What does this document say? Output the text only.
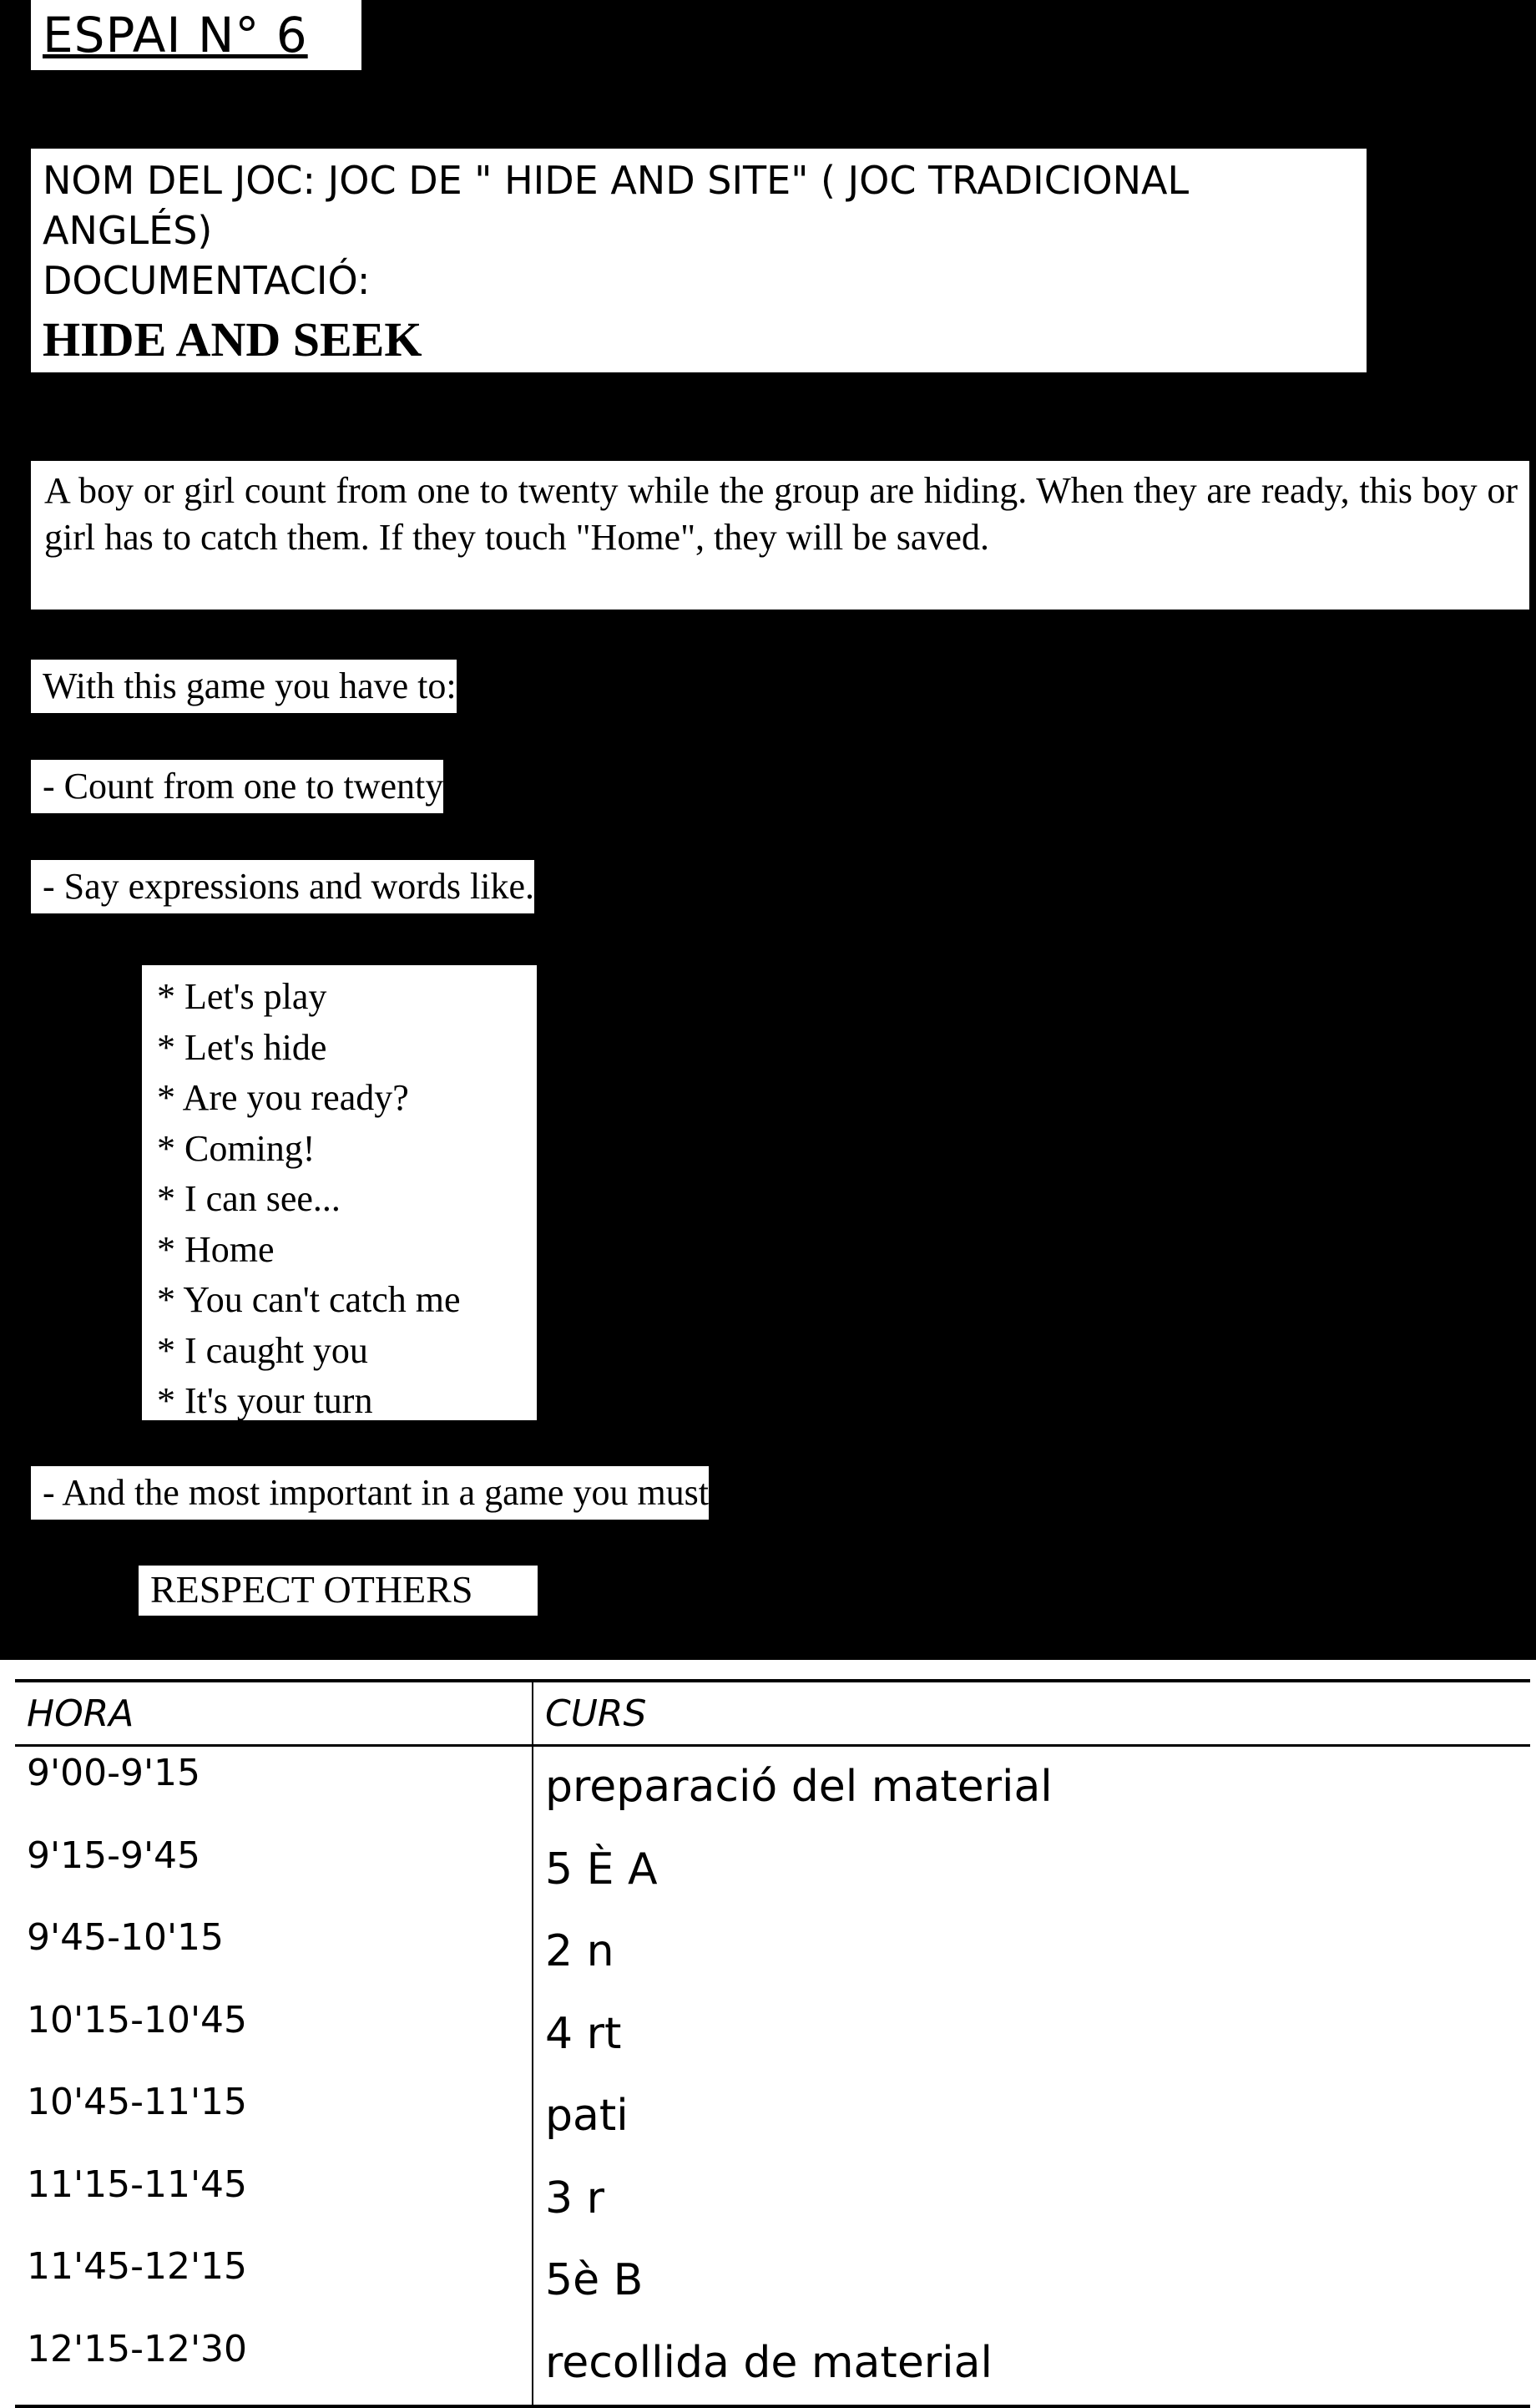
ESPAI N° 6
NOM DEL JOC: JOC DE " HIDE AND SITE" ( JOC TRADICIONAL
ANGLÉS)
DOCUMENTACIÓ:
HIDE AND SEEK
A boy or girl count from one to twenty while the group are hiding. When they are ready, this boy or girl has to catch them. If they touch "Home", they will be saved.
With this game you have to:
- Count from one to twenty
- Say expressions and words like.
* Let's play
* Let's hide
* Are you ready?
* Coming!
* I can see...
* Home
* You can't catch me
* I caught you
* It's your turn
- And the most important in a game you must
RESPECT OTHERS
HORA	CURS
9'00-9'15	preparació del material
9'15-9'45	5 È A
9'45-10'15	2 n
10'15-10'45	4 rt
10'45-11'15	pati
11'15-11'45	3 r
11'45-12'15	5è B
12'15-12'30	recollida de material
